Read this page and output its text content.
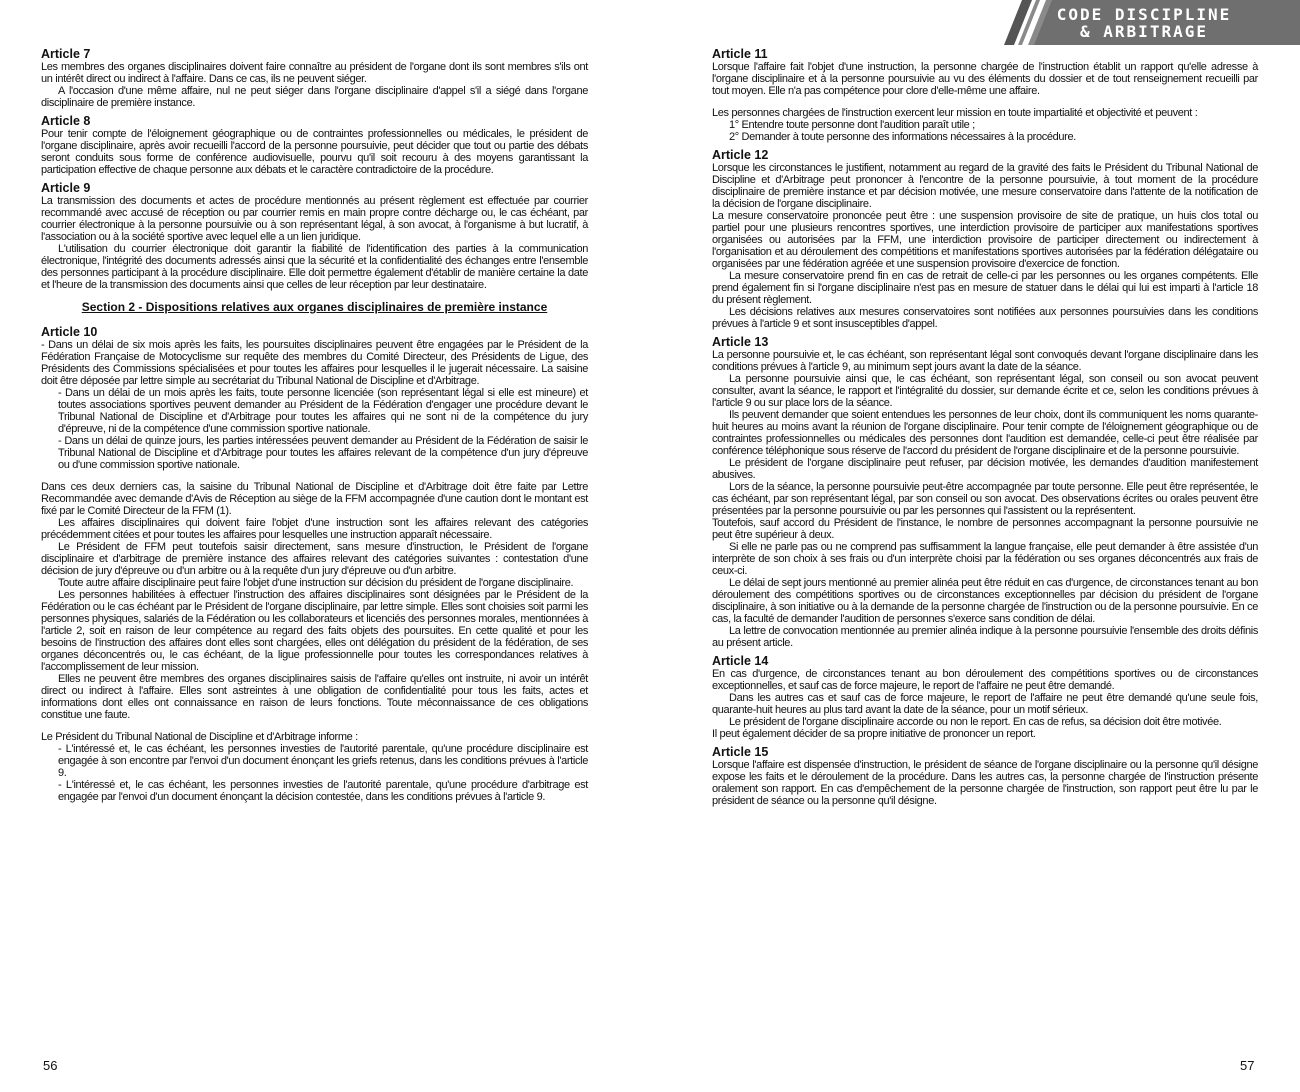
CODE DISCIPLINE
& ARBITRAGE
Article 7

Les membres des organes disciplinaires doivent faire connaître au président de l'organe dont ils sont membres s'ils ont un intérêt direct ou indirect à l'affaire. Dans ce cas, ils ne peuvent siéger.

A l'occasion d'une même affaire, nul ne peut siéger dans l'organe disciplinaire d'appel s'il a siégé dans l'organe disciplinaire de première instance.

Article 8

Pour tenir compte de l'éloignement géographique ou de contraintes professionnelles ou médicales, le président de l'organe disciplinaire, après avoir recueilli l'accord de la personne poursuivie, peut décider que tout ou partie des débats seront conduits sous forme de conférence audiovisuelle, pourvu qu'il soit recouru à des moyens garantissant la participation effective de chaque personne aux débats et le caractère contradictoire de la procédure.

Article 9

La transmission des documents et actes de procédure mentionnés au présent règlement est effectuée par courrier recommandé avec accusé de réception ou par courrier remis en main propre contre décharge ou, le cas échéant, par courrier électronique à la personne poursuivie ou à son représentant légal, à son avocat, à l'organisme à but lucratif, à l'association ou à la société sportive avec lequel elle a un lien juridique.

L'utilisation du courrier électronique doit garantir la fiabilité de l'identification des parties à la communication électronique, l'intégrité des documents adressés ainsi que la sécurité et la confidentialité des échanges entre l'ensemble des personnes participant à la procédure disciplinaire. Elle doit permettre également d'établir de manière certaine la date et l'heure de la transmission des documents ainsi que celles de leur réception par leur destinataire.

Section 2 - Dispositions relatives aux organes disciplinaires de première instance
Article 10

- Dans un délai de six mois après les faits, les poursuites disciplinaires peuvent être engagées par le Président de la Fédération Française de Motocyclisme sur requête des membres du Comité Directeur, des Présidents de Ligue, des Présidents des Commissions spécialisées et pour toutes les affaires pour lesquelles il le jugerait nécessaire. La saisine doit être déposée par lettre simple au secrétariat du Tribunal National de Discipline et d'Arbitrage.

- Dans un délai de un mois après les faits, toute personne licenciée (son représentant légal si elle est mineure) et toutes associations sportives peuvent demander au Président de la Fédération d'engager une procédure devant le Tribunal National de Discipline et d'Arbitrage pour toutes les affaires qui ne sont ni de la compétence du jury d'épreuve, ni de la compétence d'une commission sportive nationale.

- Dans un délai de quinze jours, les parties intéressées peuvent demander au Président de la Fédération de saisir le Tribunal National de Discipline et d'Arbitrage pour toutes les affaires relevant de la compétence d'un jury d'épreuve ou d'une commission sportive nationale.

Dans ces deux derniers cas, la saisine du Tribunal National de Discipline et d'Arbitrage doit être faite par Lettre Recommandée avec demande d'Avis de Réception au siège de la FFM accompagnée d'une caution dont le montant est fixé par le Comité Directeur de la FFM (1).

Les affaires disciplinaires qui doivent faire l'objet d'une instruction sont les affaires relevant des catégories précédemment citées et pour toutes les affaires pour lesquelles une instruction apparaît nécessaire.

Le Président de FFM peut toutefois saisir directement, sans mesure d'instruction, le Président de l'organe disciplinaire et d'arbitrage de première instance des affaires relevant des catégories suivantes : contestation d'une décision de jury d'épreuve ou d'un arbitre ou à la requête d'un jury d'épreuve ou d'un arbitre.

Toute autre affaire disciplinaire peut faire l'objet d'une instruction sur décision du président de l'organe disciplinaire.

Les personnes habilitées à effectuer l'instruction des affaires disciplinaires sont désignées par le Président de la Fédération ou le cas échéant par le Président de l'organe disciplinaire, par lettre simple. Elles sont choisies soit parmi les personnes physiques, salariés de la Fédération ou les collaborateurs et licenciés des personnes morales, mentionnées à l'article 2, soit en raison de leur compétence au regard des faits objets des poursuites. En cette qualité et pour les besoins de l'instruction des affaires dont elles sont chargées, elles ont délégation du président de la fédération, de ses organes déconcentrés ou, le cas échéant, de la ligue professionnelle pour toutes les correspondances relatives à l'accomplissement de leur mission.

Elles ne peuvent être membres des organes disciplinaires saisis de l'affaire qu'elles ont instruite, ni avoir un intérêt direct ou indirect à l'affaire. Elles sont astreintes à une obligation de confidentialité pour tous les faits, actes et informations dont elles ont connaissance en raison de leurs fonctions. Toute méconnaissance de ces obligations constitue une faute.

Le Président du Tribunal National de Discipline et d'Arbitrage informe :

- L'intéressé et, le cas échéant, les personnes investies de l'autorité parentale, qu'une procédure disciplinaire est engagée à son encontre par l'envoi d'un document énonçant les griefs retenus, dans les conditions prévues à l'article 9.

- L'intéressé et, le cas échéant, les personnes investies de l'autorité parentale, qu'une procédure d'arbitrage est engagée par l'envoi d'un document énonçant la décision contestée, dans les conditions prévues à l'article 9.

Article 11

Lorsque l'affaire fait l'objet d'une instruction, la personne chargée de l'instruction établit un rapport qu'elle adresse à l'organe disciplinaire et à la personne poursuivie au vu des éléments du dossier et de tout renseignement recueilli par tout moyen. Elle n'a pas compétence pour clore d'elle-même une affaire.

Les personnes chargées de l'instruction exercent leur mission en toute impartialité et objectivité et peuvent :

1° Entendre toute personne dont l'audition paraît utile ;

2° Demander à toute personne des informations nécessaires à la procédure.

Article 12

Lorsque les circonstances le justifient, notamment au regard de la gravité des faits le Président du Tribunal National de Discipline et d'Arbitrage peut prononcer à l'encontre de la personne poursuivie, à tout moment de la procédure disciplinaire de première instance et par décision motivée, une mesure conservatoire dans l'attente de la notification de la décision de l'organe disciplinaire.

La mesure conservatoire prononcée peut être : une suspension provisoire de site de pratique, un huis clos total ou partiel pour une plusieurs rencontres sportives, une interdiction provisoire de participer aux manifestations sportives organisées ou autorisées par la FFM, une interdiction provisoire de participer directement ou indirectement à l'organisation et au déroulement des compétitions et manifestations sportives autorisées par la fédération délégataire ou organisées par une fédération agréée et une suspension provisoire d'exercice de fonction.

La mesure conservatoire prend fin en cas de retrait de celle-ci par les personnes ou les organes compétents. Elle prend également fin si l'organe disciplinaire n'est pas en mesure de statuer dans le délai qui lui est imparti à l'article 18 du présent règlement.

Les décisions relatives aux mesures conservatoires sont notifiées aux personnes poursuivies dans les conditions prévues à l'article 9 et sont insusceptibles d'appel.

Article 13

La personne poursuivie et, le cas échéant, son représentant légal sont convoqués devant l'organe disciplinaire dans les conditions prévues à l'article 9, au minimum sept jours avant la date de la séance.

La personne poursuivie ainsi que, le cas échéant, son représentant légal, son conseil ou son avocat peuvent consulter, avant la séance, le rapport et l'intégralité du dossier, sur demande écrite et ce, selon les conditions prévues à l'article 9 ou sur place lors de la séance.

Ils peuvent demander que soient entendues les personnes de leur choix, dont ils communiquent les noms quarante-huit heures au moins avant la réunion de l'organe disciplinaire. Pour tenir compte de l'éloignement géographique ou de contraintes professionnelles ou médicales des personnes dont l'audition est demandée, celle-ci peut être réalisée par conférence téléphonique sous réserve de l'accord du président de l'organe disciplinaire et de la personne poursuivie.

Le président de l'organe disciplinaire peut refuser, par décision motivée, les demandes d'audition manifestement abusives.

Lors de la séance, la personne poursuivie peut-être accompagnée par toute personne. Elle peut être représentée, le cas échéant, par son représentant légal, par son conseil ou son avocat. Des observations écrites ou orales peuvent être présentées par la personne poursuivie ou par les personnes qui l'assistent ou la représentent.

Toutefois, sauf accord du Président de l'instance, le nombre de personnes accompagnant la personne poursuivie ne peut être supérieur à deux.

Si elle ne parle pas ou ne comprend pas suffisamment la langue française, elle peut demander à être assistée d'un interprète de son choix à ses frais ou d'un interprète choisi par la fédération ou ses organes déconcentrés aux frais de ceux-ci.

Le délai de sept jours mentionné au premier alinéa peut être réduit en cas d'urgence, de circonstances tenant au bon déroulement des compétitions sportives ou de circonstances exceptionnelles par décision du président de l'organe disciplinaire, à son initiative ou à la demande de la personne chargée de l'instruction ou de la personne poursuivie. En ce cas, la faculté de demander l'audition de personnes s'exerce sans condition de délai.

La lettre de convocation mentionnée au premier alinéa indique à la personne poursuivie l'ensemble des droits définis au présent article.

Article 14

En cas d'urgence, de circonstances tenant au bon déroulement des compétitions sportives ou de circonstances exceptionnelles, et sauf cas de force majeure, le report de l'affaire ne peut être demandé.

Dans les autres cas et sauf cas de force majeure, le report de l'affaire ne peut être demandé qu'une seule fois, quarante-huit heures au plus tard avant la date de la séance, pour un motif sérieux.

Le président de l'organe disciplinaire accorde ou non le report. En cas de refus, sa décision doit être motivée.

Il peut également décider de sa propre initiative de prononcer un report.

Article 15

Lorsque l'affaire est dispensée d'instruction, le président de séance de l'organe disciplinaire ou la personne qu'il désigne expose les faits et le déroulement de la procédure. Dans les autres cas, la personne chargée de l'instruction présente oralement son rapport. En cas d'empêchement de la personne chargée de l'instruction, son rapport peut être lu par le président de séance ou la personne qu'il désigne.

56	57
